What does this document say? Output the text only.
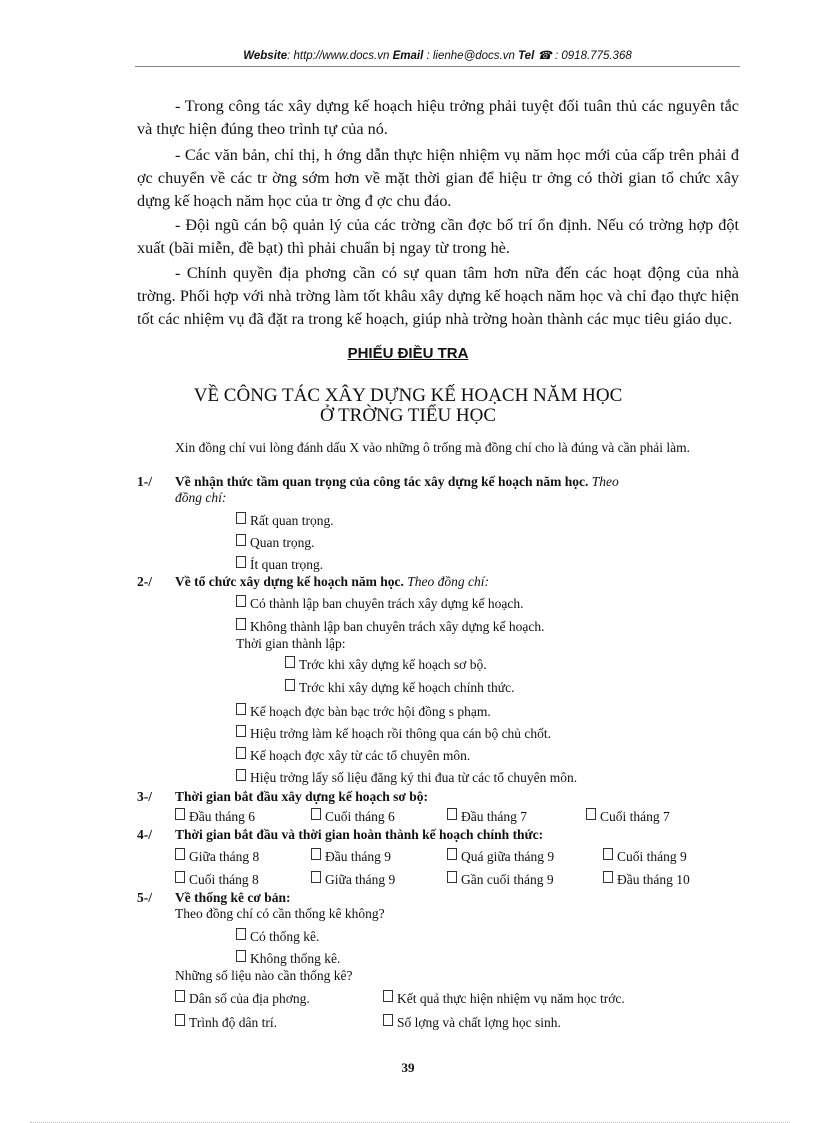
Website: http://www.docs.vn Email : lienhe@docs.vn Tel ☎ : 0918.775.368
- Trong công tác xây dựng kế hoạch hiệu trởng phải tuyệt đối tuân thủ các nguyên tắc và thực hiện đúng theo trình tự của nó.
- Các văn bản, chỉ thị, h ớng dẫn thực hiện nhiệm vụ năm học mới của cấp trên phải đ ợc chuyển về các tr ờng sớm hơn về mặt thời gian để hiệu tr ởng có thời gian tổ chức xây dựng kế hoạch năm học của tr ờng đ ợc chu đáo.
- Đội ngũ cán bộ quản lý của các trờng cần đợc bố trí ổn định. Nếu có trờng hợp đột xuất (bãi miễn, đề bạt) thì phải chuẩn bị ngay từ trong hè.
- Chính quyền địa phơng cần có sự quan tâm hơn nữa đến các hoạt động của nhà trờng. Phối hợp với nhà trờng làm tốt khâu xây dựng kế hoạch năm học và chỉ đạo thực hiện tốt các nhiệm vụ đã đặt ra trong kế hoạch, giúp nhà trờng hoàn thành các mục tiêu giáo dục.
PHIẾU ĐIỀU TRA
VỀ CÔNG TÁC XÂY DỰNG KẾ HOẠCH NĂM HỌC
Ở TRỜNG TIỂU HỌC
Xin đồng chí vui lòng đánh dấu X vào những ô trống mà đồng chí cho là đúng và cần phải làm.
1-/ Về nhận thức tầm quan trọng của công tác xây dựng kế hoạch năm học. Theo
đồng chí:
Rất quan trọng.
Quan trọng.
Ít quan trọng.
2-/ Về tổ chức xây dựng kế hoạch năm học. Theo đồng chí:
Có thành lập ban chuyên trách xây dựng kế hoạch.
Không thành lập ban chuyên trách xây dựng kế hoạch.
Thời gian thành lập:
Trớc khi xây dựng kế hoạch sơ bộ.
Trớc khi xây dựng kế hoạch chính thức.
Kế hoạch đợc bàn bạc trớc hội đồng s phạm.
Hiệu trởng làm kế hoạch rồi thông qua cán bộ chủ chốt.
Kế hoạch đợc xây từ các tổ chuyên môn.
Hiệu trởng lấy số liệu đăng ký thi đua từ các tổ chuyên môn.
3-/ Thời gian bắt đầu xây dựng kế hoạch sơ bộ:
Đầu tháng 6	Cuối tháng 6	Đầu tháng 7	Cuối tháng 7
4-/ Thời gian bắt đầu và thời gian hoàn thành kế hoạch chính thức:
Giữa tháng 8	Đầu tháng 9	Quá giữa tháng 9	Cuối tháng 9
Cuối tháng 8	Giữa tháng 9	Gần cuối tháng 9	Đầu tháng 10
5-/ Về thống kê cơ bản:
Theo đồng chí có cần thống kê không?
Có thống kê.
Không thống kê.
Những số liệu nào cần thống kê?
Dân số của địa phơng.	Kết quả thực hiện nhiệm vụ năm học trớc.
Trình độ dân trí.	Số lợng và chất lợng học sinh.
39
